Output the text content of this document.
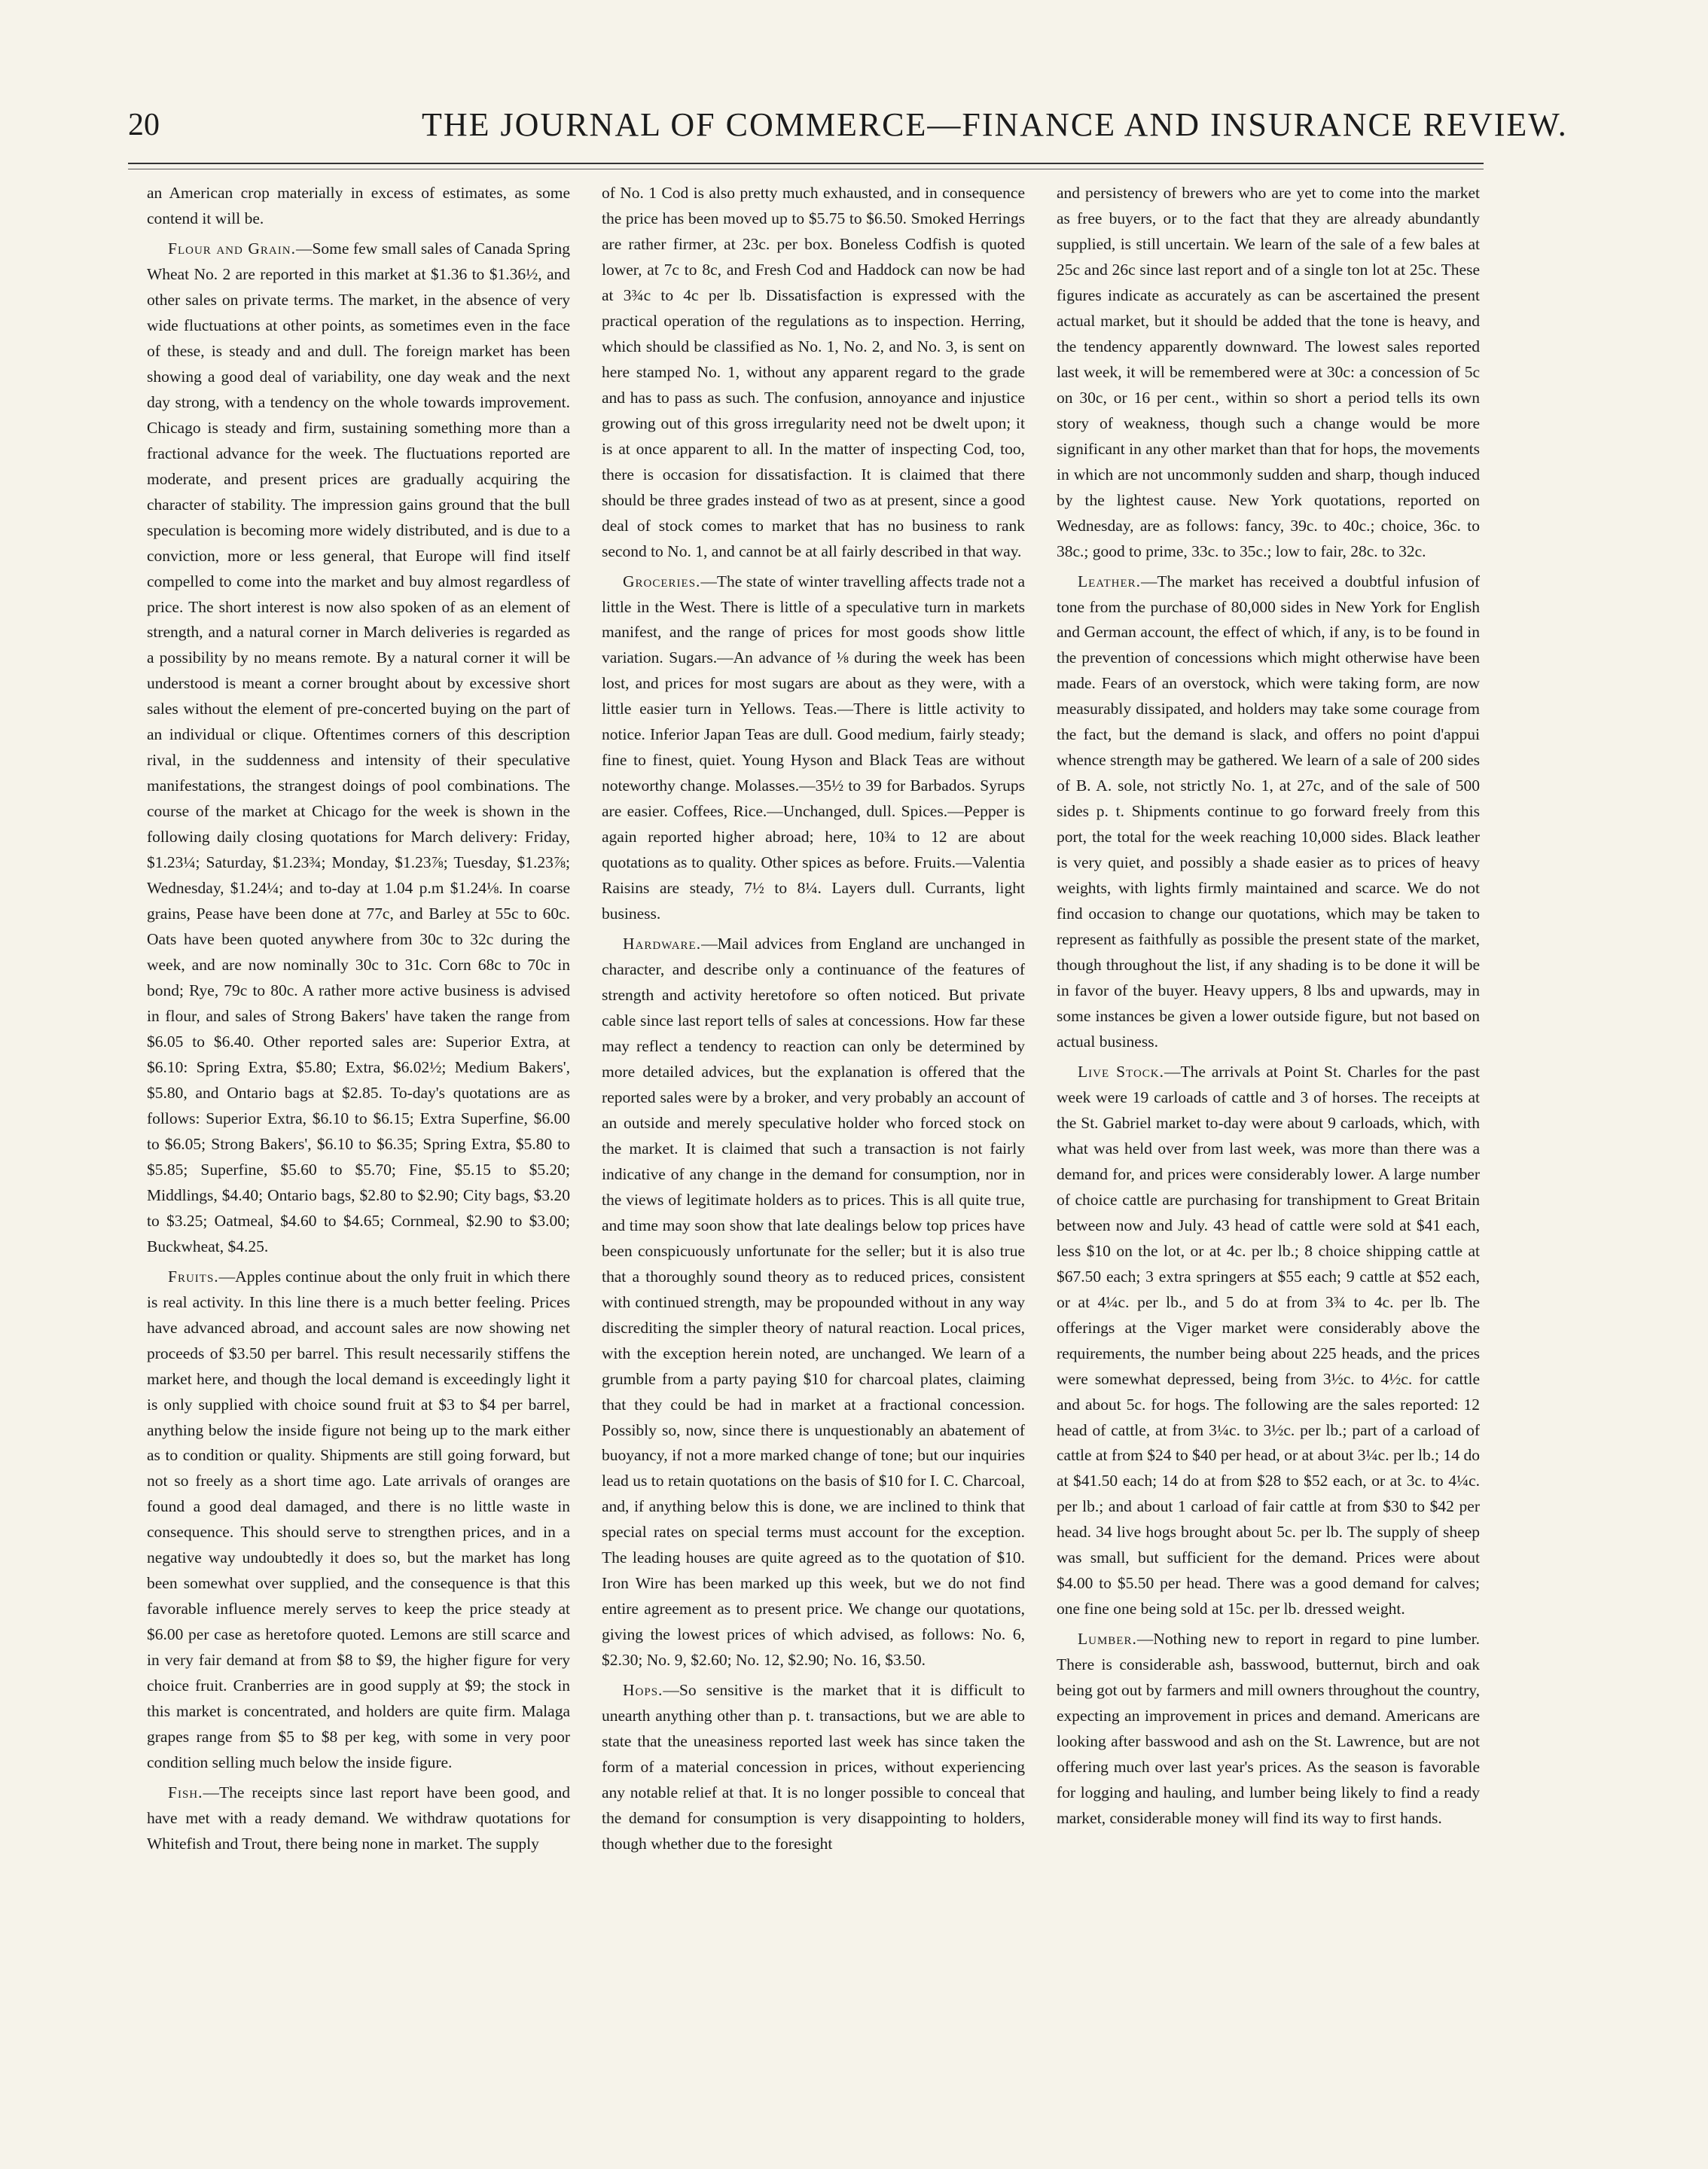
20	THE JOURNAL OF COMMERCE—FINANCE AND INSURANCE REVIEW.

an American crop materially in excess of estimates, as some contend it will be.

Flour and Grain.—Some few small sales of Canada Spring Wheat No. 2 are reported in this market at $1.36 to $1.36½, and other sales on private terms. The market, in the absence of very wide fluctuations at other points, as sometimes even in the face of these, is steady and and dull. The foreign market has been showing a good deal of variability, one day weak and the next day strong, with a tendency on the whole towards improvement. Chicago is steady and firm, sustaining something more than a fractional advance for the week. The fluctuations reported are moderate, and present prices are gradually acquiring the character of stability. The impression gains ground that the bull speculation is becoming more widely distributed, and is due to a conviction, more or less general, that Europe will find itself compelled to come into the market and buy almost regardless of price. The short interest is now also spoken of as an element of strength, and a natural corner in March deliveries is regarded as a possibility by no means remote. By a natural corner it will be understood is meant a corner brought about by excessive short sales without the element of pre-concerted buying on the part of an individual or clique. Oftentimes corners of this description rival, in the suddenness and intensity of their speculative manifestations, the strangest doings of pool combinations. The course of the market at Chicago for the week is shown in the following daily closing quotations for March delivery: Friday, $1.23¼; Saturday, $1.23¾; Monday, $1.23⅞; Tuesday, $1.23⅞; Wednesday, $1.24¼; and to-day at 1.04 p.m $1.24⅛. In coarse grains, Pease have been done at 77c, and Barley at 55c to 60c. Oats have been quoted anywhere from 30c to 32c during the week, and are now nominally 30c to 31c. Corn 68c to 70c in bond; Rye, 79c to 80c. A rather more active business is advised in flour, and sales of Strong Bakers' have taken the range from $6.05 to $6.40. Other reported sales are: Superior Extra, at $6.10: Spring Extra, $5.80; Extra, $6.02½; Medium Bakers', $5.80, and Ontario bags at $2.85. To-day's quotations are as follows: Superior Extra, $6.10 to $6.15; Extra Superfine, $6.00 to $6.05; Strong Bakers', $6.10 to $6.35; Spring Extra, $5.80 to $5.85; Superfine, $5.60 to $5.70; Fine, $5.15 to $5.20; Middlings, $4.40; Ontario bags, $2.80 to $2.90; City bags, $3.20 to $3.25; Oatmeal, $4.60 to $4.65; Cornmeal, $2.90 to $3.00; Buckwheat, $4.25.

Fruits.—Apples continue about the only fruit in which there is real activity. In this line there is a much better feeling. Prices have advanced abroad, and account sales are now showing net proceeds of $3.50 per barrel. This result necessarily stiffens the market here, and though the local demand is exceedingly light it is only supplied with choice sound fruit at $3 to $4 per barrel, anything below the inside figure not being up to the mark either as to condition or quality. Shipments are still going forward, but not so freely as a short time ago. Late arrivals of oranges are found a good deal damaged, and there is no little waste in consequence. This should serve to strengthen prices, and in a negative way undoubtedly it does so, but the market has long been somewhat over supplied, and the consequence is that this favorable influence merely serves to keep the price steady at $6.00 per case as heretofore quoted. Lemons are still scarce and in very fair demand at from $8 to $9, the higher figure for very choice fruit. Cranberries are in good supply at $9; the stock in this market is concentrated, and holders are quite firm. Malaga grapes range from $5 to $8 per keg, with some in very poor condition selling much below the inside figure.

Fish.—The receipts since last report have been good, and have met with a ready demand. We withdraw quotations for Whitefish and Trout, there being none in market. The supply

of No. 1 Cod is also pretty much exhausted, and in consequence the price has been moved up to $5.75 to $6.50. Smoked Herrings are rather firmer, at 23c. per box. Boneless Codfish is quoted lower, at 7c to 8c, and Fresh Cod and Haddock can now be had at 3¾c to 4c per lb. Dissatisfaction is expressed with the practical operation of the regulations as to inspection. Herring, which should be classified as No. 1, No. 2, and No. 3, is sent on here stamped No. 1, without any apparent regard to the grade and has to pass as such. The confusion, annoyance and injustice growing out of this gross irregularity need not be dwelt upon; it is at once apparent to all. In the matter of inspecting Cod, too, there is occasion for dissatisfaction. It is claimed that there should be three grades instead of two as at present, since a good deal of stock comes to market that has no business to rank second to No. 1, and cannot be at all fairly described in that way.

Groceries.—The state of winter travelling affects trade not a little in the West. There is little of a speculative turn in markets manifest, and the range of prices for most goods show little variation. Sugars.—An advance of ⅛ during the week has been lost, and prices for most sugars are about as they were, with a little easier turn in Yellows. Teas.—There is little activity to notice. Inferior Japan Teas are dull. Good medium, fairly steady; fine to finest, quiet. Young Hyson and Black Teas are without noteworthy change. Molasses.—35½ to 39 for Barbados. Syrups are easier. Coffees, Rice.—Unchanged, dull. Spices.—Pepper is again reported higher abroad; here, 10¾ to 12 are about quotations as to quality. Other spices as before. Fruits.—Valentia Raisins are steady, 7½ to 8¼. Layers dull. Currants, light business.

Hardware.—Mail advices from England are unchanged in character, and describe only a continuance of the features of strength and activity heretofore so often noticed. But private cable since last report tells of sales at concessions. How far these may reflect a tendency to reaction can only be determined by more detailed advices, but the explanation is offered that the reported sales were by a broker, and very probably an account of an outside and merely speculative holder who forced stock on the market. It is claimed that such a transaction is not fairly indicative of any change in the demand for consumption, nor in the views of legitimate holders as to prices. This is all quite true, and time may soon show that late dealings below top prices have been conspicuously unfortunate for the seller; but it is also true that a thoroughly sound theory as to reduced prices, consistent with continued strength, may be propounded without in any way discrediting the simpler theory of natural reaction. Local prices, with the exception herein noted, are unchanged. We learn of a grumble from a party paying $10 for charcoal plates, claiming that they could be had in market at a fractional concession. Possibly so, now, since there is unquestionably an abatement of buoyancy, if not a more marked change of tone; but our inquiries lead us to retain quotations on the basis of $10 for I. C. Charcoal, and, if anything below this is done, we are inclined to think that special rates on special terms must account for the exception. The leading houses are quite agreed as to the quotation of $10. Iron Wire has been marked up this week, but we do not find entire agreement as to present price. We change our quotations, giving the lowest prices of which advised, as follows: No. 6, $2.30; No. 9, $2.60; No. 12, $2.90; No. 16, $3.50.

Hops.—So sensitive is the market that it is difficult to unearth anything other than p. t. transactions, but we are able to state that the uneasiness reported last week has since taken the form of a material concession in prices, without experiencing any notable relief at that. It is no longer possible to conceal that the demand for consumption is very disappointing to holders, though whether due to the foresight

and persistency of brewers who are yet to come into the market as free buyers, or to the fact that they are already abundantly supplied, is still uncertain. We learn of the sale of a few bales at 25c and 26c since last report and of a single ton lot at 25c. These figures indicate as accurately as can be ascertained the present actual market, but it should be added that the tone is heavy, and the tendency apparently downward. The lowest sales reported last week, it will be remembered were at 30c: a concession of 5c on 30c, or 16 per cent., within so short a period tells its own story of weakness, though such a change would be more significant in any other market than that for hops, the movements in which are not uncommonly sudden and sharp, though induced by the lightest cause. New York quotations, reported on Wednesday, are as follows: fancy, 39c. to 40c.; choice, 36c. to 38c.; good to prime, 33c. to 35c.; low to fair, 28c. to 32c.

Leather.—The market has received a doubtful infusion of tone from the purchase of 80,000 sides in New York for English and German account, the effect of which, if any, is to be found in the prevention of concessions which might otherwise have been made. Fears of an overstock, which were taking form, are now measurably dissipated, and holders may take some courage from the fact, but the demand is slack, and offers no point d'appui whence strength may be gathered. We learn of a sale of 200 sides of B. A. sole, not strictly No. 1, at 27c, and of the sale of 500 sides p. t. Shipments continue to go forward freely from this port, the total for the week reaching 10,000 sides. Black leather is very quiet, and possibly a shade easier as to prices of heavy weights, with lights firmly maintained and scarce. We do not find occasion to change our quotations, which may be taken to represent as faithfully as possible the present state of the market, though throughout the list, if any shading is to be done it will be in favor of the buyer. Heavy uppers, 8 lbs and upwards, may in some instances be given a lower outside figure, but not based on actual business.

Live Stock.—The arrivals at Point St. Charles for the past week were 19 carloads of cattle and 3 of horses. The receipts at the St. Gabriel market to-day were about 9 carloads, which, with what was held over from last week, was more than there was a demand for, and prices were considerably lower. A large number of choice cattle are purchasing for transhipment to Great Britain between now and July. 43 head of cattle were sold at $41 each, less $10 on the lot, or at 4c. per lb.; 8 choice shipping cattle at $67.50 each; 3 extra springers at $55 each; 9 cattle at $52 each, or at 4¼c. per lb., and 5 do at from 3¾ to 4c. per lb. The offerings at the Viger market were considerably above the requirements, the number being about 225 heads, and the prices were somewhat depressed, being from 3½c. to 4½c. for cattle and about 5c. for hogs. The following are the sales reported: 12 head of cattle, at from 3¼c. to 3½c. per lb.; part of a carload of cattle at from $24 to $40 per head, or at about 3¼c. per lb.; 14 do at $41.50 each; 14 do at from $28 to $52 each, or at 3c. to 4¼c. per lb.; and about 1 carload of fair cattle at from $30 to $42 per head. 34 live hogs brought about 5c. per lb. The supply of sheep was small, but sufficient for the demand. Prices were about $4.00 to $5.50 per head. There was a good demand for calves; one fine one being sold at 15c. per lb. dressed weight.

Lumber.—Nothing new to report in regard to pine lumber. There is considerable ash, basswood, butternut, birch and oak being got out by farmers and mill owners throughout the country, expecting an improvement in prices and demand. Americans are looking after basswood and ash on the St. Lawrence, but are not offering much over last year's prices. As the season is favorable for logging and hauling, and lumber being likely to find a ready market, considerable money will find its way to first hands.
